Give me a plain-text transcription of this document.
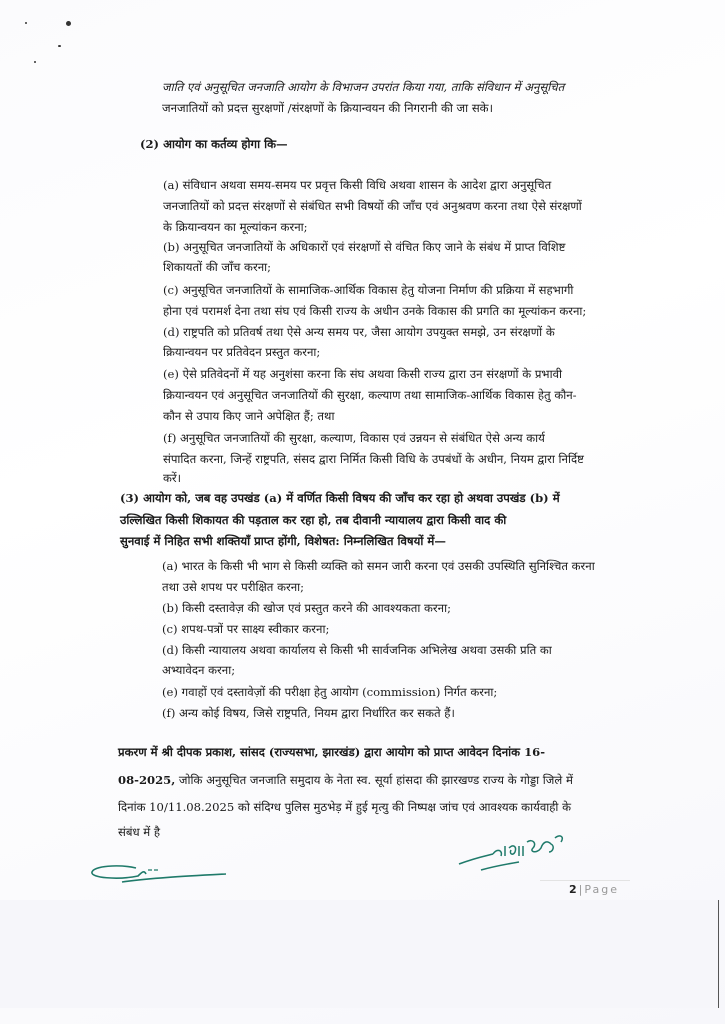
जाति एवं अनुसूचित जनजाति आयोग के विभाजन उपरांत किया गया, ताकि संविधान में अनुसूचित
जनजातियों को प्रदत्त सुरक्षणों /संरक्षणों के क्रियान्वयन की निगरानी की जा सके।
(2) आयोग का कर्तव्य होगा कि—
(a) संविधान अथवा समय-समय पर प्रवृत्त किसी विधि अथवा शासन के आदेश द्वारा अनुसूचित
जनजातियों को प्रदत्त संरक्षणों से संबंधित सभी विषयों की जाँच एवं अनुश्रवण करना तथा ऐसे संरक्षणों
के क्रियान्वयन का मूल्यांकन करना;
(b) अनुसूचित जनजातियों के अधिकारों एवं संरक्षणों से वंचित किए जाने के संबंध में प्राप्त विशिष्ट
शिकायतों की जाँच करना;
(c) अनुसूचित जनजातियों के सामाजिक-आर्थिक विकास हेतु योजना निर्माण की प्रक्रिया में सहभागी
होना एवं परामर्श देना तथा संघ एवं किसी राज्य के अधीन उनके विकास की प्रगति का मूल्यांकन करना;
(d) राष्ट्रपति को प्रतिवर्ष तथा ऐसे अन्य समय पर, जैसा आयोग उपयुक्त समझे, उन संरक्षणों के
क्रियान्वयन पर प्रतिवेदन प्रस्तुत करना;
(e) ऐसे प्रतिवेदनों में यह अनुशंसा करना कि संघ अथवा किसी राज्य द्वारा उन संरक्षणों के प्रभावी
क्रियान्वयन एवं अनुसूचित जनजातियों की सुरक्षा, कल्याण तथा सामाजिक-आर्थिक विकास हेतु कौन-
कौन से उपाय किए जाने अपेक्षित हैं; तथा
(f) अनुसूचित जनजातियों की सुरक्षा, कल्याण, विकास एवं उन्नयन से संबंधित ऐसे अन्य कार्य
संपादित करना, जिन्हें राष्ट्रपति, संसद द्वारा निर्मित किसी विधि के उपबंधों के अधीन, नियम द्वारा निर्दिष्ट
करें।
(3) आयोग को, जब वह उपखंड (a) में वर्णित किसी विषय की जाँच कर रहा हो अथवा उपखंड (b) में
उल्लिखित किसी शिकायत की पड़ताल कर रहा हो, तब दीवानी न्यायालय द्वारा किसी वाद की
सुनवाई में निहित सभी शक्तियाँ प्राप्त होंगी, विशेषत: निम्नलिखित विषयों में—
(a) भारत के किसी भी भाग से किसी व्यक्ति को समन जारी करना एवं उसकी उपस्थिति सुनिश्चित करना
तथा उसे शपथ पर परीक्षित करना;
(b) किसी दस्तावेज़ की खोज एवं प्रस्तुत करने की आवश्यकता करना;
(c) शपथ-पत्रों पर साक्ष्य स्वीकार करना;
(d) किसी न्यायालय अथवा कार्यालय से किसी भी सार्वजनिक अभिलेख अथवा उसकी प्रति का
अभ्यावेदन करना;
(e) गवाहों एवं दस्तावेज़ों की परीक्षा हेतु आयोग (commission) निर्गत करना;
(f) अन्य कोई विषय, जिसे राष्ट्रपति, नियम द्वारा निर्धारित कर सकते हैं।
प्रकरण में श्री दीपक प्रकाश, सांसद (राज्यसभा, झारखंड) द्वारा आयोग को प्राप्त आवेदन दिनांक 16-
08-2025, जोकि अनुसूचित जनजाति समुदाय के नेता स्व. सूर्या हांसदा की झारखण्ड राज्य के गोड्डा जिले में
दिनांक 10/11.08.2025 को संदिग्ध पुलिस मुठभेड़ में हुई मृत्यु की निष्पक्ष जांच एवं आवश्यक कार्यवाही के
संबंध में है
2 | Page
